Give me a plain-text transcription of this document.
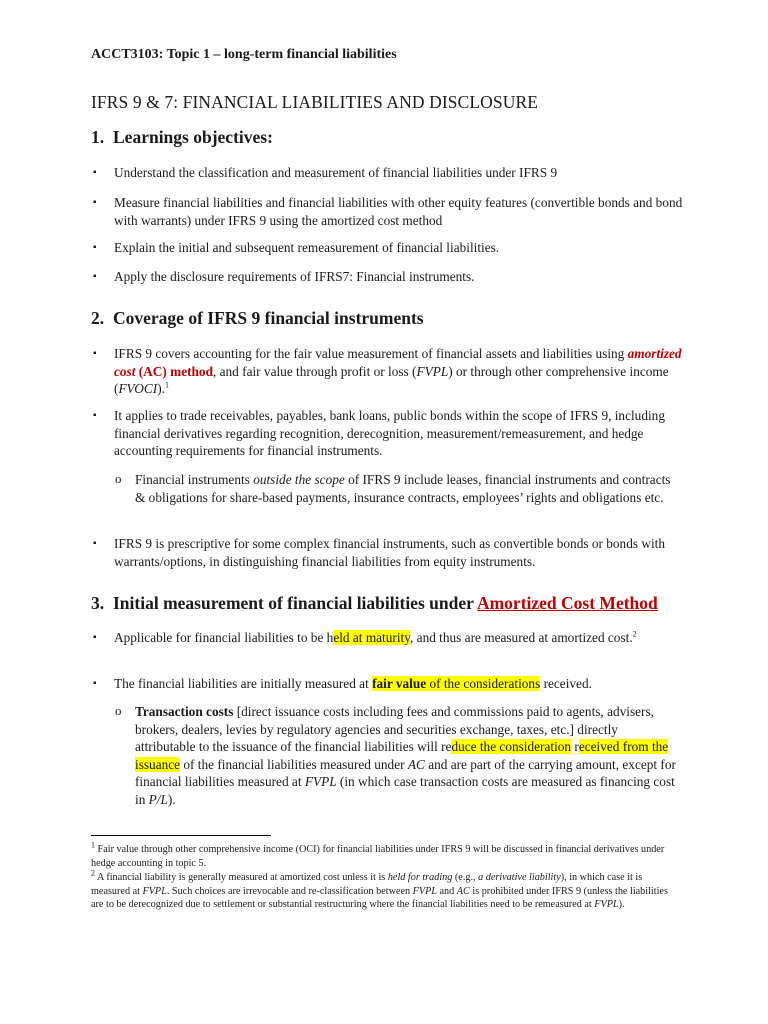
ACCT3103: Topic 1 – long-term financial liabilities
IFRS 9 & 7: FINANCIAL LIABILITIES AND DISCLOSURE
1. Learnings objectives:
▪ Understand the classification and measurement of financial liabilities under IFRS 9
▪ Measure financial liabilities and financial liabilities with other equity features (convertible bonds and bond with warrants) under IFRS 9 using the amortized cost method
▪ Explain the initial and subsequent remeasurement of financial liabilities.
▪ Apply the disclosure requirements of IFRS7: Financial instruments.
2. Coverage of IFRS 9 financial instruments
▪ IFRS 9 covers accounting for the fair value measurement of financial assets and liabilities using amortized cost (AC) method, and fair value through profit or loss (FVPL) or through other comprehensive income (FVOCI).$^1$
▪ It applies to trade receivables, payables, bank loans, public bonds within the scope of IFRS 9, including financial derivatives regarding recognition, derecognition, measurement/remeasurement, and hedge accounting requirements for financial instruments.
o Financial instruments outside the scope of IFRS 9 include leases, financial instruments and contracts & obligations for share-based payments, insurance contracts, employees’ rights and obligations etc.
▪ IFRS 9 is prescriptive for some complex financial instruments, such as convertible bonds or bonds with warrants/options, in distinguishing financial liabilities from equity instruments.
3. Initial measurement of financial liabilities under Amortized Cost Method
▪ Applicable for financial liabilities to be held at maturity, and thus are measured at amortized cost.$^2$
▪ The financial liabilities are initially measured at fair value of the considerations received.
o Transaction costs [direct issuance costs including fees and commissions paid to agents, advisers, brokers, dealers, levies by regulatory agencies and securities exchange, taxes, etc.] directly attributable to the issuance of the financial liabilities will reduce the consideration received from the issuance of the financial liabilities measured under AC and are part of the carrying amount, except for financial liabilities measured at FVPL (in which case transaction costs are measured as financing cost in P/L).
$^1$ Fair value through other comprehensive income (OCI) for financial liabilities under IFRS 9 will be discussed in financial derivatives under hedge accounting in topic 5.
$^2$ A financial liability is generally measured at amortized cost unless it is held for trading (e.g., a derivative liability), in which case it is measured at FVPL. Such choices are irrevocable and re-classification between FVPL and AC is prohibited under IFRS 9 (unless the liabilities are to be derecognized due to settlement or substantial restructuring where the financial liabilities need to be remeasured at FVPL).
